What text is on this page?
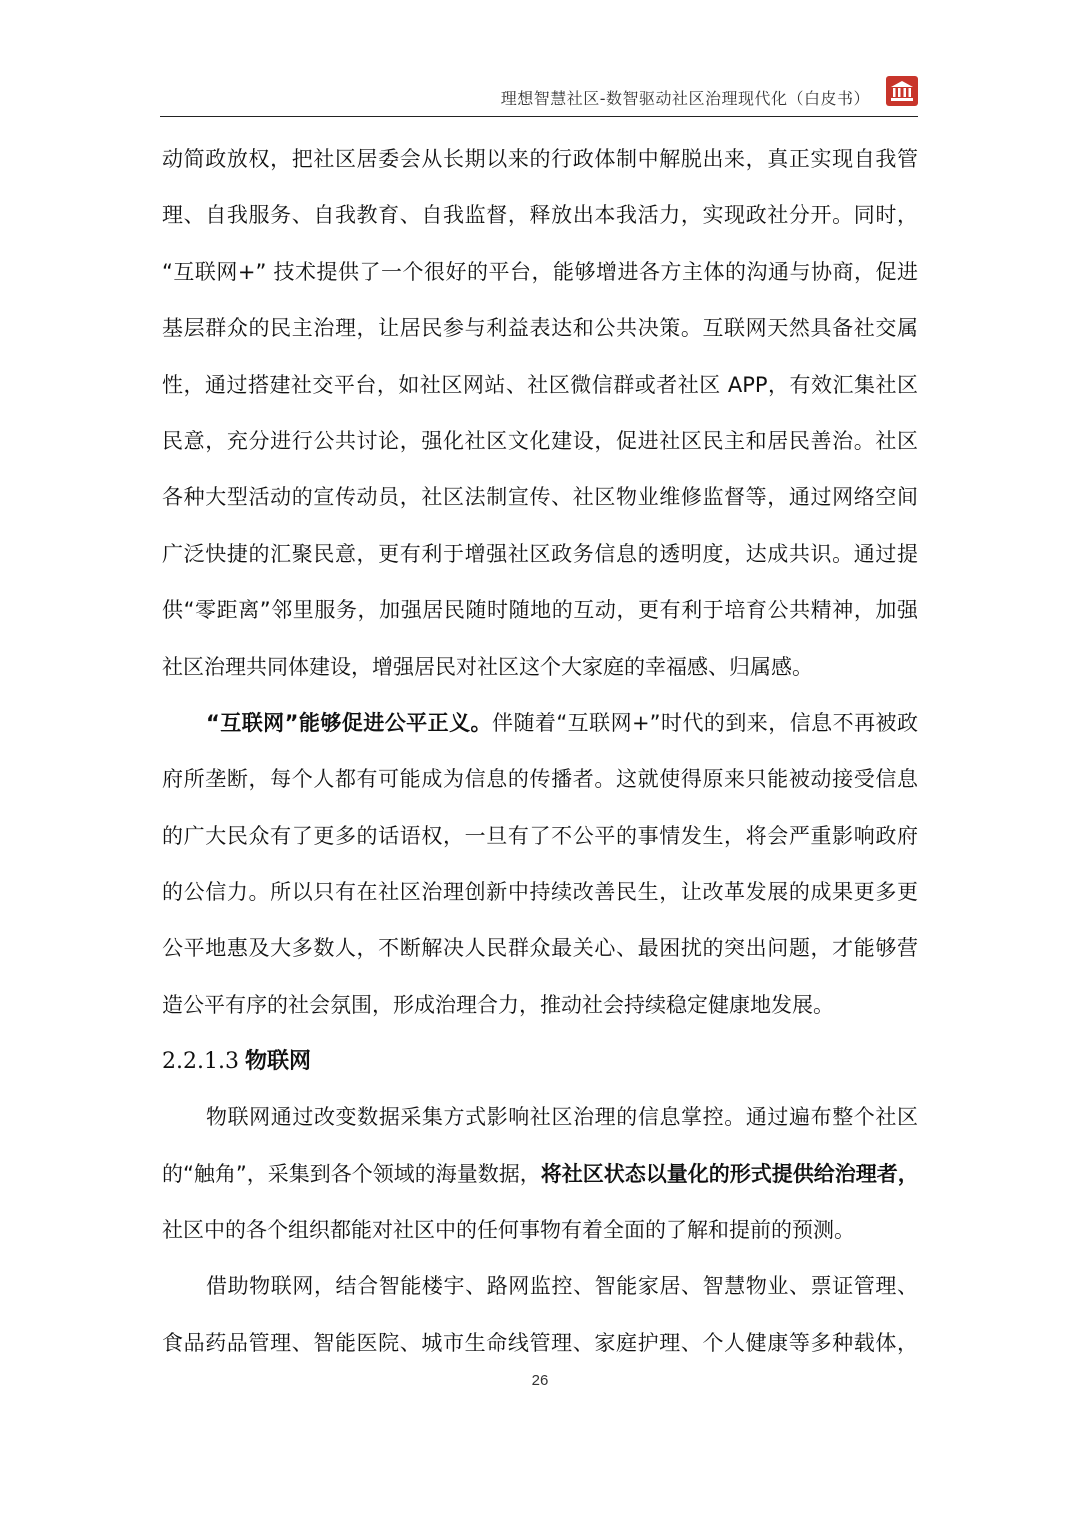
理想智慧社区-数智驱动社区治理现代化（白皮书）
动简政放权，把社区居委会从长期以来的行政体制中解脱出来，真正实现自我管
理、自我服务、自我教育、自我监督，释放出本我活力，实现政社分开。同时，
“互联网+” 技术提供了一个很好的平台，能够增进各方主体的沟通与协商，促进
基层群众的民主治理，让居民参与利益表达和公共决策。互联网天然具备社交属
性，通过搭建社交平台，如社区网站、社区微信群或者社区 APP，有效汇集社区
民意，充分进行公共讨论，强化社区文化建设，促进社区民主和居民善治。社区
各种大型活动的宣传动员，社区法制宣传、社区物业维修监督等，通过网络空间
广泛快捷的汇聚民意，更有利于增强社区政务信息的透明度，达成共识。通过提
供“零距离”邻里服务，加强居民随时随地的互动，更有利于培育公共精神，加强
社区治理共同体建设，增强居民对社区这个大家庭的幸福感、归属感。
“互联网”能够促进公平正义。伴随着“互联网+”时代的到来，信息不再被政
府所垄断，每个人都有可能成为信息的传播者。这就使得原来只能被动接受信息
的广大民众有了更多的话语权，一旦有了不公平的事情发生，将会严重影响政府
的公信力。所以只有在社区治理创新中持续改善民生，让改革发展的成果更多更
公平地惠及大多数人，不断解决人民群众最关心、最困扰的突出问题，才能够营
造公平有序的社会氛围，形成治理合力，推动社会持续稳定健康地发展。
2.2.1.3 物联网
物联网通过改变数据采集方式影响社区治理的信息掌控。通过遍布整个社区
的“触角”，采集到各个领域的海量数据，将社区状态以量化的形式提供给治理者，
社区中的各个组织都能对社区中的任何事物有着全面的了解和提前的预测。
借助物联网，结合智能楼宇、路网监控、智能家居、智慧物业、票证管理、
食品药品管理、智能医院、城市生命线管理、家庭护理、个人健康等多种载体，
26
